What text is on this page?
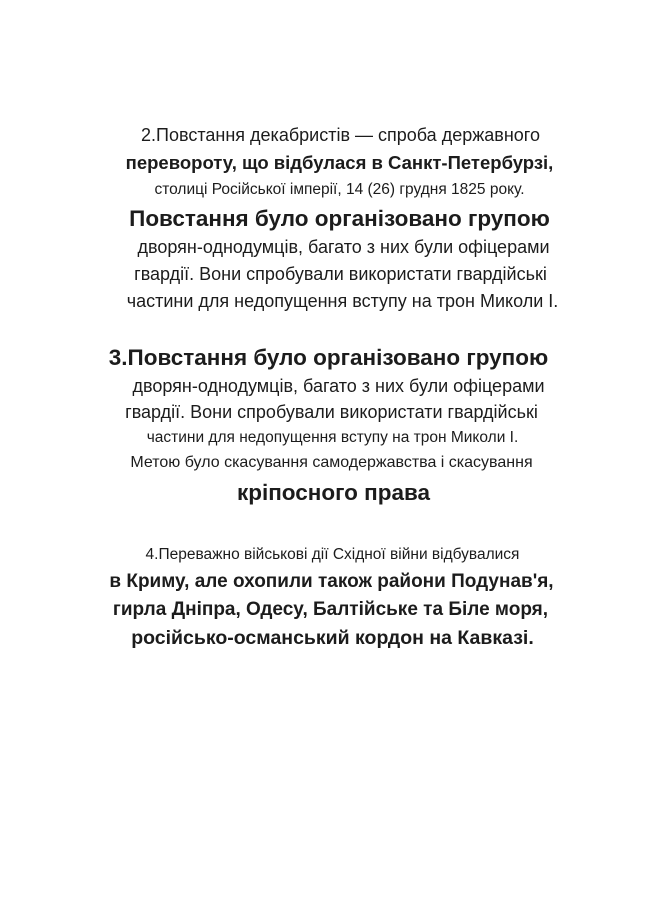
2.Повстання декабристів — спроба державного
перевороту, що відбулася в Санкт-Петербурзі,
столиці Російської імперії, 14 (26) грудня 1825 року.
Повстання було організовано групою
дворян-однодумців, багато з них були офіцерами
гвардії. Вони спробували використати гвардійські
частини для недопущення вступу на трон Миколи I.
3.Повстання було організовано групою
дворян-однодумців, багато з них були офіцерами
гвардії. Вони спробували використати гвардійські
частини для недопущення вступу на трон Миколи I.
Метою було скасування самодержавства і скасування
кріпосного права
4.Переважно військові дії Східної війни відбувалися
в Криму, але охопили також райони Подунав'я,
гирла Дніпра, Одесу, Балтійське та Біле моря,
російсько-османський кордон на Кавказі.
